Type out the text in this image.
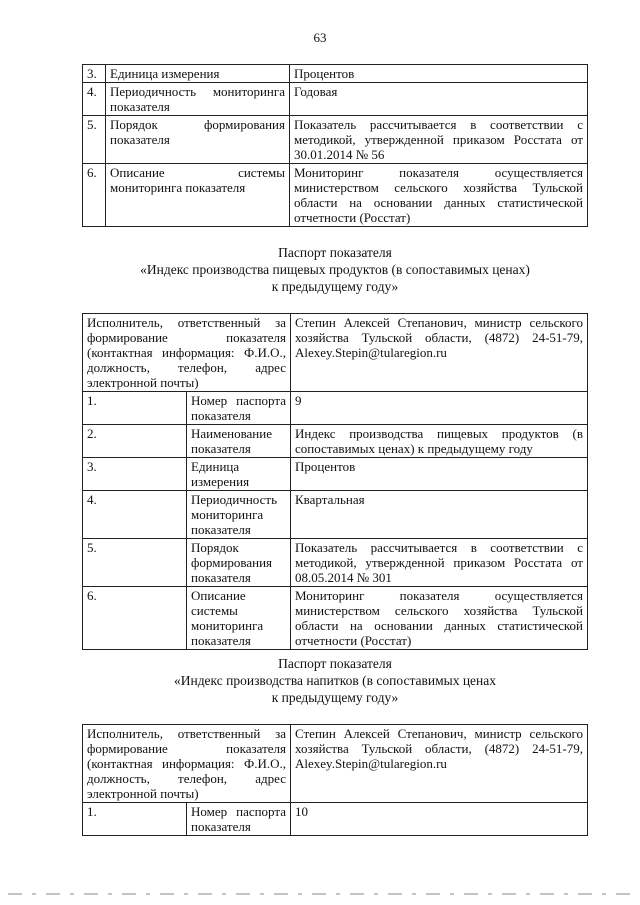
63
3.	Единица измерения	Процентов
4.	Периодичность мониторинга показателя	Годовая
5.	Порядок формирования показателя	Показатель рассчитывается в соответствии с методикой, утвержденной приказом Росстата от 30.01.2014 № 56
6.	Описание системы мониторинга показателя	Мониторинг показателя осуществляется министерством сельского хозяйства Тульской области на основании данных статистической отчетности (Росстат)
Паспорт показателя
«Индекс производства пищевых продуктов (в сопоставимых ценах)
к предыдущему году»
Исполнитель, ответственный за формирование показателя (контактная информация: Ф.И.О., должность, телефон, адрес электронной почты)		Степин Алексей Степанович, министр сельского хозяйства Тульской области, (4872) 24-51-79, Alexey.Stepin@tularegion.ru
1.	Номер паспорта показателя	9
2.	Наименование показателя	Индекс производства пищевых продуктов (в сопоставимых ценах) к предыдущему году
3.	Единица измерения	Процентов
4.	Периодичность мониторинга показателя	Квартальная
5.	Порядок формирования показателя	Показатель рассчитывается в соответствии с методикой, утвержденной приказом Росстата от 08.05.2014 № 301
6.	Описание системы мониторинга показателя	Мониторинг показателя осуществляется министерством сельского хозяйства Тульской области на основании данных статистической отчетности (Росстат)
Паспорт показателя
«Индекс производства напитков (в сопоставимых ценах
к предыдущему году»
Исполнитель, ответственный за формирование показателя (контактная информация: Ф.И.О., должность, телефон, адрес электронной почты)		Степин Алексей Степанович, министр сельского хозяйства Тульской области, (4872) 24-51-79, Alexey.Stepin@tularegion.ru
1.	Номер паспорта показателя	10
